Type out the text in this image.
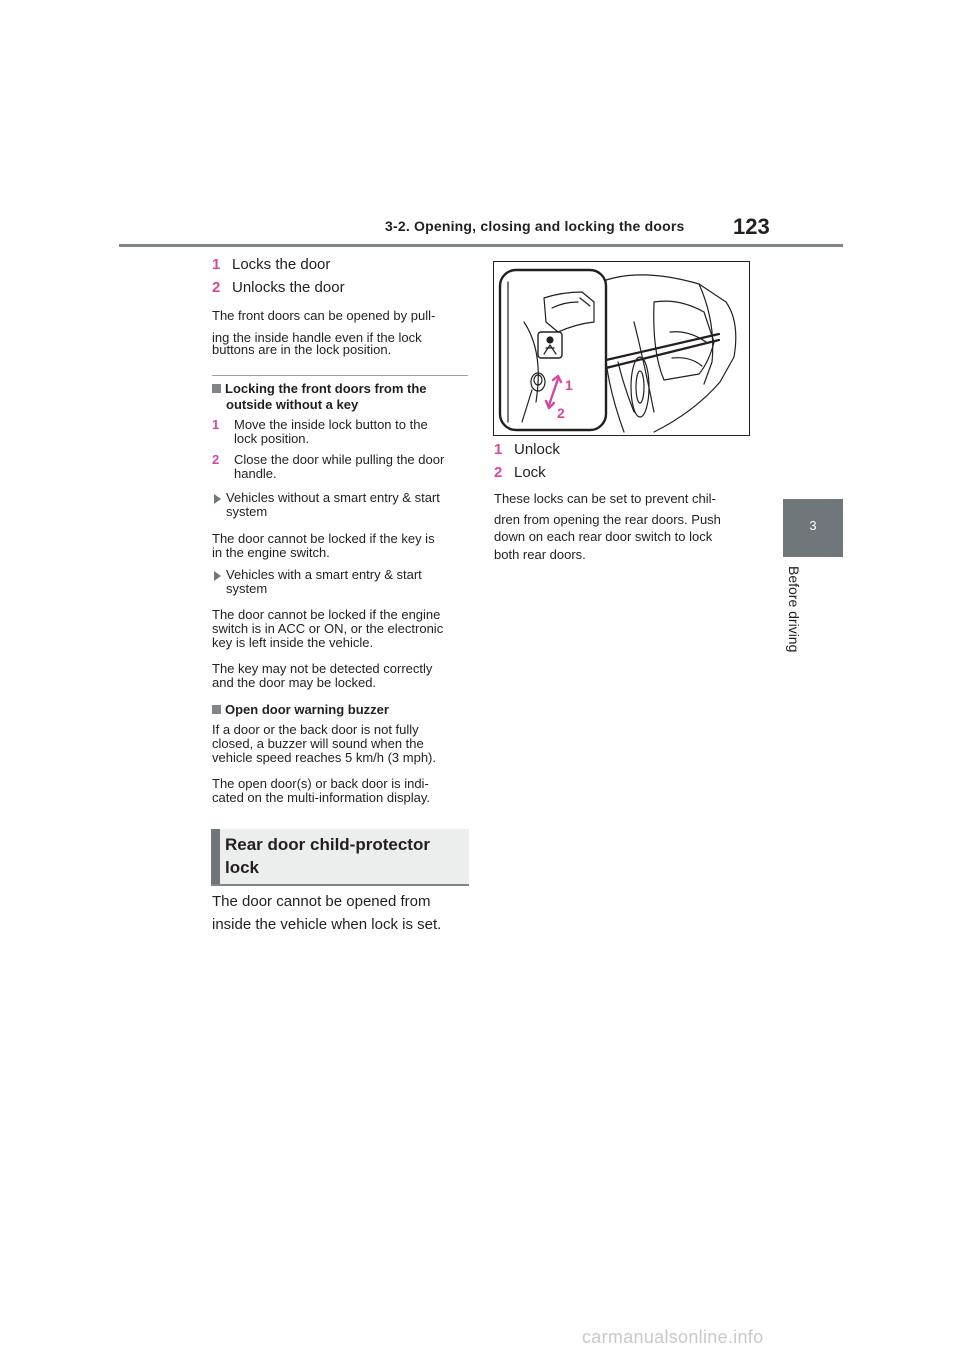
3-2. Opening, closing and locking the doors 123
3
Before driving
1 Locks the door
2 Unlocks the door
The front doors can be opened by pull-
ing the inside handle even if the lock
buttons are in the lock position.
Locking the front doors from the
outside without a key
1 Move the inside lock button to the
lock position.
2 Close the door while pulling the door
handle.
Vehicles without a smart entry & start
system
The door cannot be locked if the key is
in the engine switch.
Vehicles with a smart entry & start
system
The door cannot be locked if the engine
switch is in ACC or ON, or the electronic
key is left inside the vehicle.
The key may not be detected correctly
and the door may be locked.
Open door warning buzzer
If a door or the back door is not fully
closed, a buzzer will sound when the
vehicle speed reaches 5 km/h (3 mph).
The open door(s) or back door is indi-
cated on the multi-information display.
Rear door child-protector
lock
The door cannot be opened from
inside the vehicle when lock is set.
1
2
1 Unlock
2 Lock
These locks can be set to prevent chil-
dren from opening the rear doors. Push
down on each rear door switch to lock
both rear doors.
carmanualsonline.info
